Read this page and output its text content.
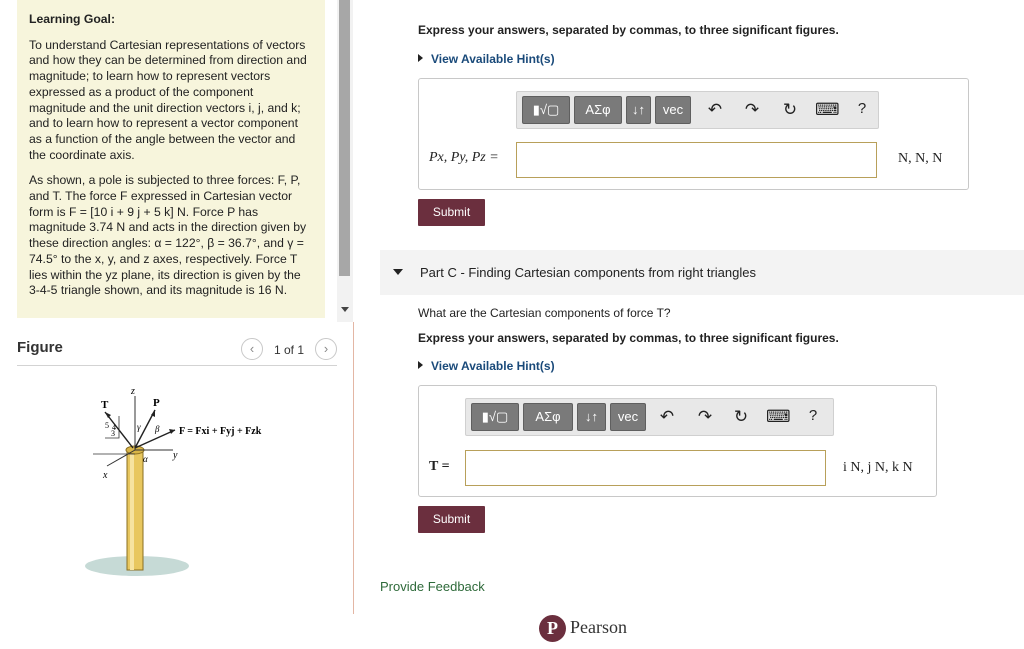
Learning Goal:

To understand Cartesian representations of vectors and how they can be determined from direction and magnitude; to learn how to represent vectors expressed as a product of the component magnitude and the unit direction vectors i, j, and k; and to learn how to represent a vector component as a function of the angle between the vector and the coordinate axis.

As shown, a pole is subjected to three forces: F, P, and T. The force F expressed in Cartesian vector form is F = [10 i + 9 j + 5 k] N. Force P has magnitude 3.74 N and acts in the direction given by these direction angles: α = 122°, β = 36.7°, and γ = 74.5° to the x, y, and z axes, respectively. Force T lies within the yz plane, its direction is given by the 3-4-5 triangle shown, and its magnitude is 16 N.

Figure	‹	1 of 1	›
T	P
z
y
x
5 4
3
γ β
α
F = Fxi + Fyj + Fzk
Express your answers, separated by commas, to three significant figures.
View Available Hint(s)
▮√▢	ΑΣφ	↓↑	vec	↶ ↷ ↻ ⌨	?
Px, Py, Pz =	N, N, N
Submit
Part C - Finding Cartesian components from right triangles
What are the Cartesian components of force T?
Express your answers, separated by commas, to three significant figures.
View Available Hint(s)
▮√▢	ΑΣφ	↓↑	vec	↶ ↷ ↻ ⌨	?
T =	i N, j N, k N
Submit
Provide Feedback
P Pearson
